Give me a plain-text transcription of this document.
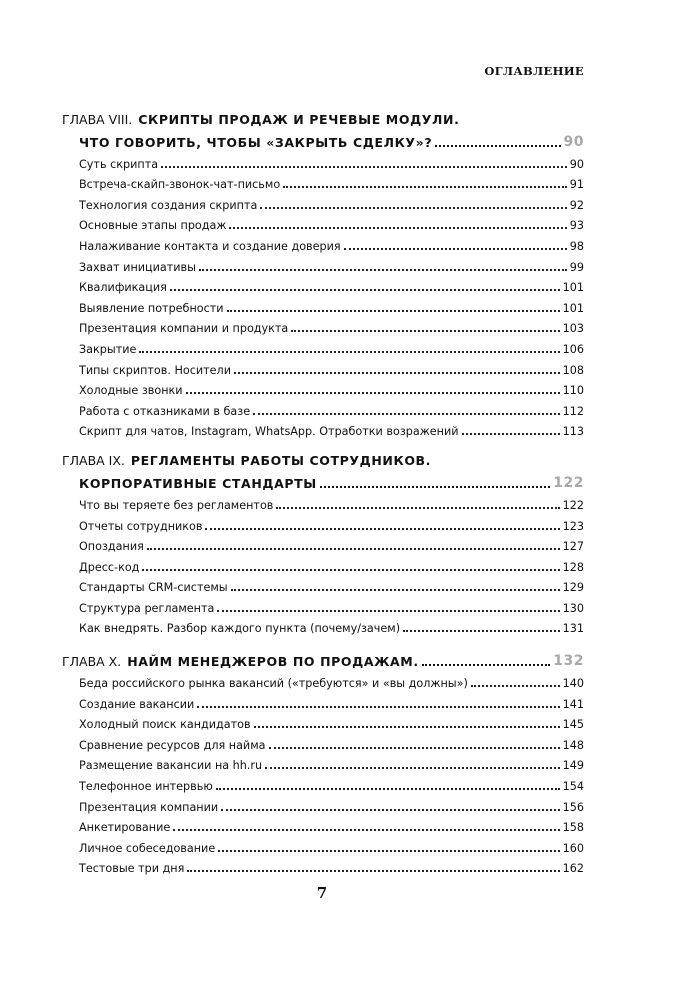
ОГЛАВЛЕНИЕ
ГЛАВА VIII. СКРИПТЫ ПРОДАЖ И РЕЧЕВЫЕ МОДУЛИ.
ЧТО ГОВОРИТЬ, ЧТОБЫ «ЗАКРЫТЬ СДЕЛКУ»?	90
Суть скрипта	90
Встреча-скайп-звонок-чат-письмо	91
Технология создания скрипта	92
Основные этапы продаж	93
Налаживание контакта и создание доверия	98
Захват инициативы	99
Квалификация	101
Выявление потребности	101
Презентация компании и продукта	103
Закрытие	106
Типы скриптов. Носители	108
Холодные звонки	110
Работа с отказниками в базе	112
Скрипт для чатов, Instagram, WhatsApp. Отработки возражений	113
ГЛАВА IX. РЕГЛАМЕНТЫ РАБОТЫ СОТРУДНИКОВ.
КОРПОРАТИВНЫЕ СТАНДАРТЫ	122
Что вы теряете без регламентов	122
Отчеты сотрудников	123
Опоздания	127
Дресс-код	128
Стандарты CRM-системы	129
Структура регламента	130
Как внедрять. Разбор каждого пункта (почему/зачем)	131
ГЛАВА X. НАЙМ МЕНЕДЖЕРОВ ПО ПРОДАЖАМ.	132
Беда российского рынка вакансий («требуются» и «вы должны»)	140
Создание вакансии	141
Холодный поиск кандидатов	145
Сравнение ресурсов для найма	148
Размещение вакансии на hh.ru	149
Телефонное интервью	154
Презентация компании	156
Анкетирование	158
Личное собеседование	160
Тестовые три дня	162
7
